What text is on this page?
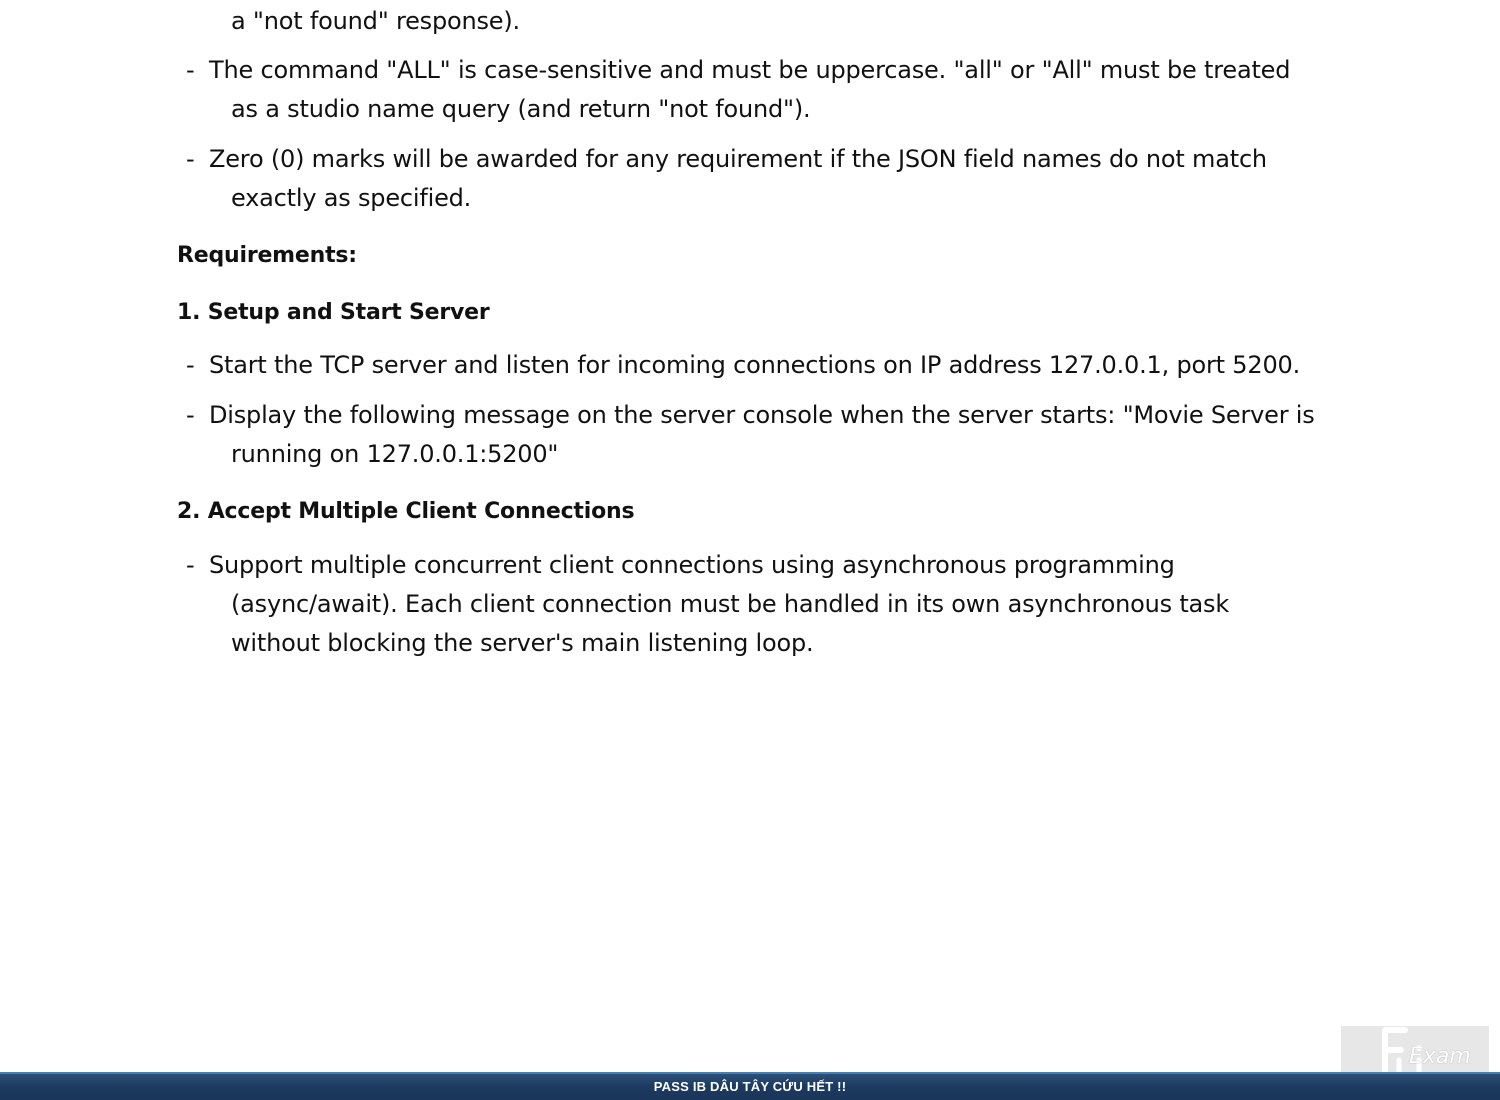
a "not found" response).
- The command "ALL" is case-sensitive and must be uppercase. "all" or "All" must be treated
as a studio name query (and return "not found").
- Zero (0) marks will be awarded for any requirement if the JSON field names do not match
exactly as specified.
Requirements:
1. Setup and Start Server
- Start the TCP server and listen for incoming connections on IP address 127.0.0.1, port 5200.
- Display the following message on the server console when the server starts: "Movie Server is
running on 127.0.0.1:5200"
2. Accept Multiple Client Connections
- Support multiple concurrent client connections using asynchronous programming
(async/await). Each client connection must be handled in its own asynchronous task
without blocking the server's main listening loop.
Exam
PASS IB DÂU TÂY CỨU HẾT !!
